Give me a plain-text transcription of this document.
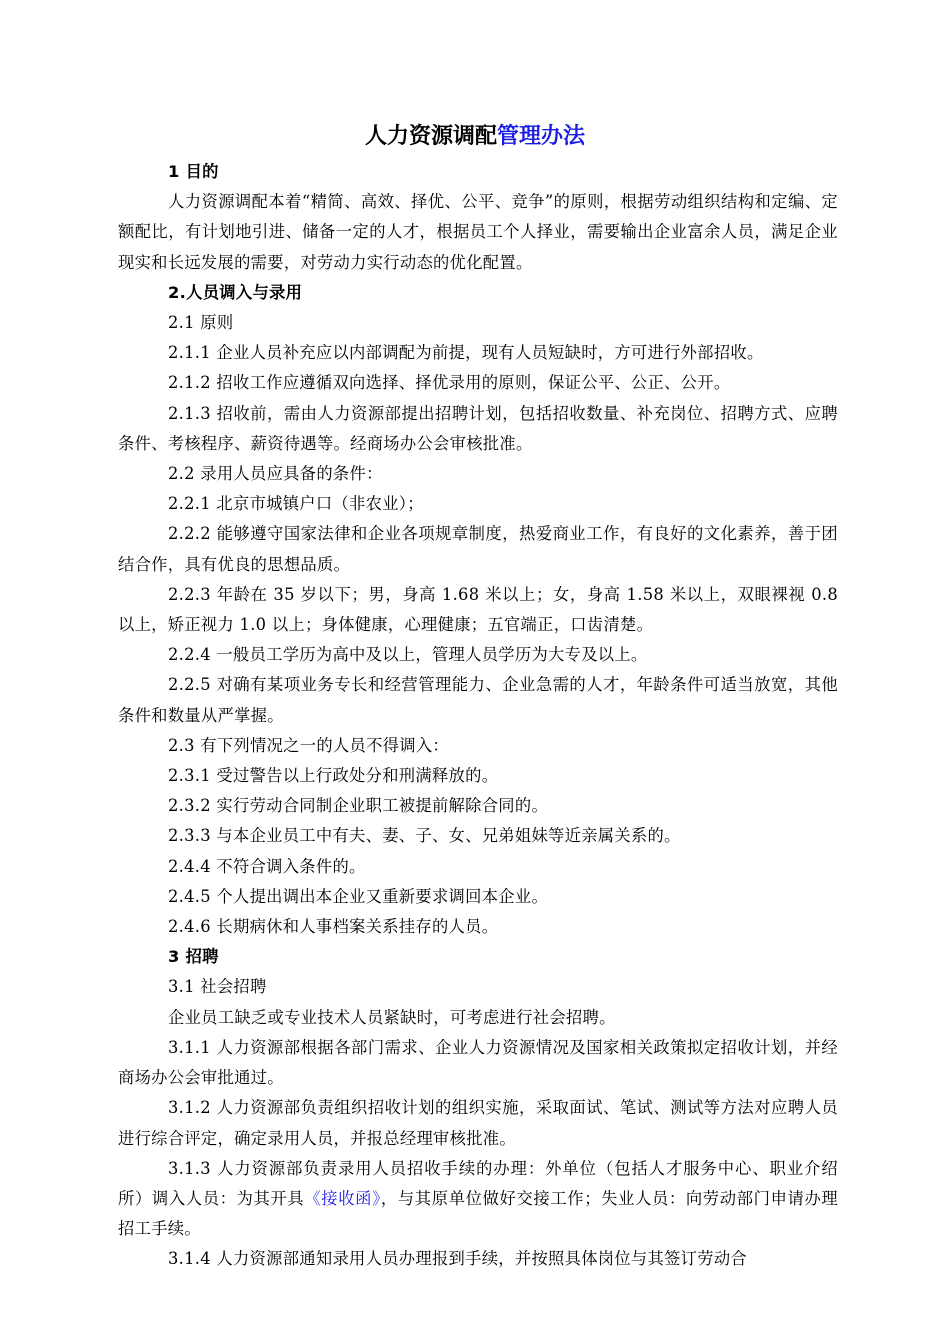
人力资源调配管理办法

1 目的

人力资源调配本着“精简、高效、择优、公平、竞争”的原则，根据劳动组织结构和定编、定额配比，有计划地引进、储备一定的人才，根据员工个人择业，需要输出企业富余人员，满足企业现实和长远发展的需要，对劳动力实行动态的优化配置。

2.人员调入与录用

2.1 原则

2.1.1 企业人员补充应以内部调配为前提，现有人员短缺时，方可进行外部招收。

2.1.2 招收工作应遵循双向选择、择优录用的原则，保证公平、公正、公开。

2.1.3 招收前，需由人力资源部提出招聘计划，包括招收数量、补充岗位、招聘方式、应聘条件、考核程序、薪资待遇等。经商场办公会审核批准。

2.2 录用人员应具备的条件：

2.2.1 北京市城镇户口（非农业）；

2.2.2 能够遵守国家法律和企业各项规章制度，热爱商业工作，有良好的文化素养，善于团结合作，具有优良的思想品质。

2.2.3 年龄在 35 岁以下；男，身高 1.68 米以上；女，身高 1.58 米以上，双眼裸视 0.8 以上，矫正视力 1.0 以上；身体健康，心理健康；五官端正，口齿清楚。

2.2.4 一般员工学历为高中及以上，管理人员学历为大专及以上。

2.2.5 对确有某项业务专长和经营管理能力、企业急需的人才，年龄条件可适当放宽，其他条件和数量从严掌握。

2.3 有下列情况之一的人员不得调入：

2.3.1 受过警告以上行政处分和刑满释放的。

2.3.2 实行劳动合同制企业职工被提前解除合同的。

2.3.3 与本企业员工中有夫、妻、子、女、兄弟姐妹等近亲属关系的。

2.4.4 不符合调入条件的。

2.4.5 个人提出调出本企业又重新要求调回本企业。

2.4.6 长期病休和人事档案关系挂存的人员。

3 招聘

3.1 社会招聘

企业员工缺乏或专业技术人员紧缺时，可考虑进行社会招聘。

3.1.1 人力资源部根据各部门需求、企业人力资源情况及国家相关政策拟定招收计划，并经商场办公会审批通过。

3.1.2 人力资源部负责组织招收计划的组织实施，采取面试、笔试、测试等方法对应聘人员进行综合评定，确定录用人员，并报总经理审核批准。

3.1.3 人力资源部负责录用人员招收手续的办理：外单位（包括人才服务中心、职业介绍所）调入人员：为其开具《接收函》，与其原单位做好交接工作；失业人员：向劳动部门申请办理招工手续。

3.1.4 人力资源部通知录用人员办理报到手续，并按照具体岗位与其签订劳动合
